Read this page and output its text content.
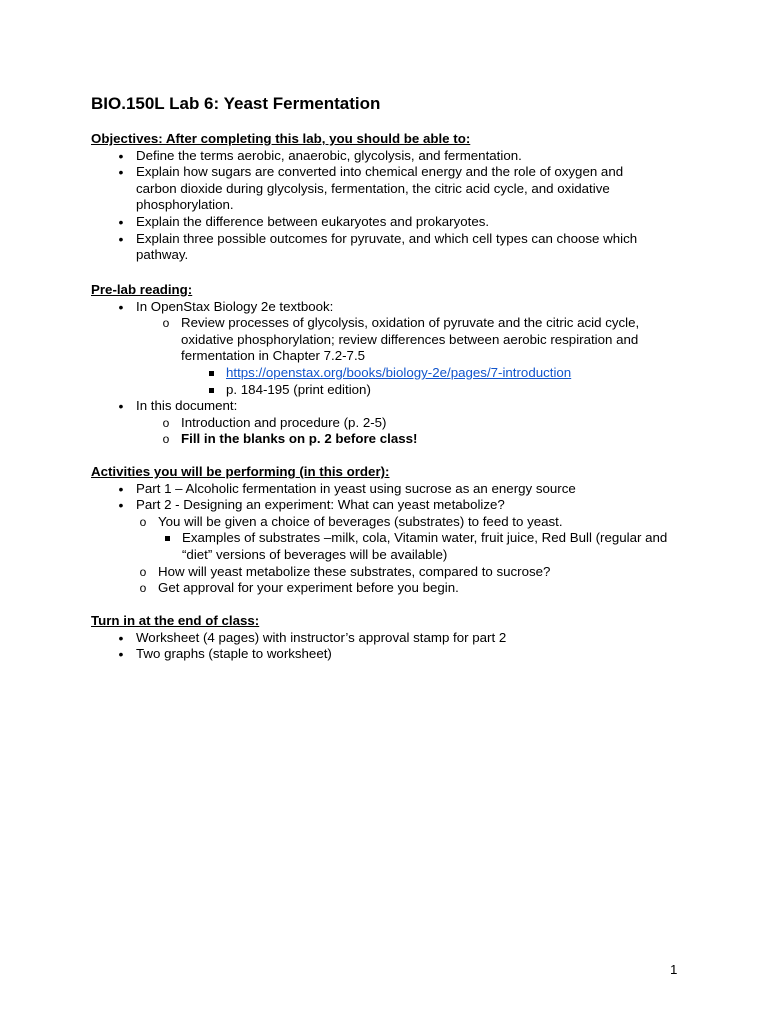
BIO.150L Lab 6: Yeast Fermentation
Objectives: After completing this lab, you should be able to:
•
Define the terms aerobic, anaerobic, glycolysis, and fermentation.
•
Explain how sugars are converted into chemical energy and the role of oxygen and carbon dioxide during glycolysis, fermentation, the citric acid cycle, and oxidative phosphorylation.
•
Explain the difference between eukaryotes and prokaryotes.
•
Explain three possible outcomes for pyruvate, and which cell types can choose which pathway.
Pre-lab reading:
•
In OpenStax Biology 2e textbook:
o
Review processes of glycolysis, oxidation of pyruvate and the citric acid cycle, oxidative phosphorylation; review differences between aerobic respiration and fermentation in Chapter 7.2-7.5
https://openstax.org/books/biology-2e/pages/7-introduction
p. 184-195 (print edition)
•
In this document:
o
Introduction and procedure (p. 2-5)
o
Fill in the blanks on p. 2 before class!
Activities you will be performing (in this order):
•
Part 1 – Alcoholic fermentation in yeast using sucrose as an energy source
•
Part 2 - Designing an experiment: What can yeast metabolize?
o
You will be given a choice of beverages (substrates) to feed to yeast.
Examples of substrates –milk, cola, Vitamin water, fruit juice, Red Bull (regular and “diet” versions of beverages will be available)
o
How will yeast metabolize these substrates, compared to sucrose?
o
Get approval for your experiment before you begin.
Turn in at the end of class:
•
Worksheet (4 pages) with instructor’s approval stamp for part 2
•
Two graphs (staple to worksheet)
1
